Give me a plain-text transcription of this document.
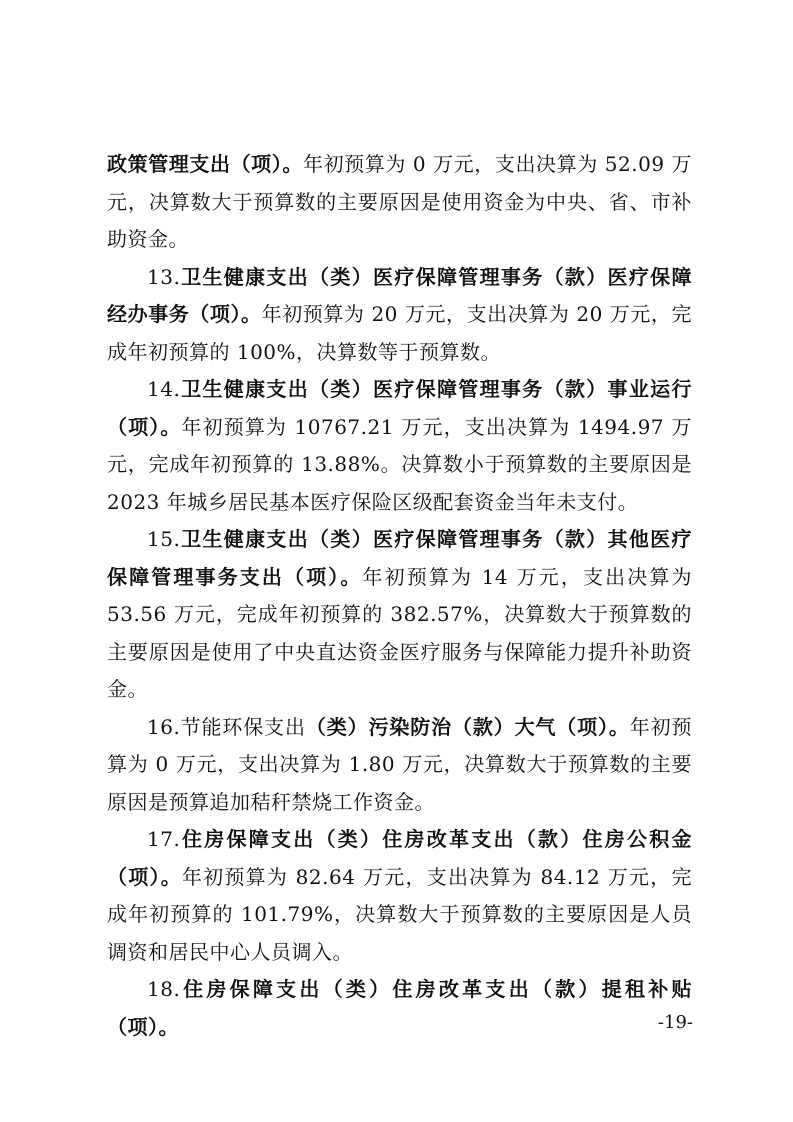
政策管理支出（项）。年初预算为 0 万元，支出决算为 52.09 万元，决算数大于预算数的主要原因是使用资金为中央、省、市补助资金。

13.卫生健康支出（类）医疗保障管理事务（款）医疗保障经办事务（项）。年初预算为 20 万元，支出决算为 20 万元，完成年初预算的 100%，决算数等于预算数。

14.卫生健康支出（类）医疗保障管理事务（款）事业运行（项）。年初预算为 10767.21 万元，支出决算为 1494.97 万元，完成年初预算的 13.88%。决算数小于预算数的主要原因是 2023 年城乡居民基本医疗保险区级配套资金当年未支付。

15.卫生健康支出（类）医疗保障管理事务（款）其他医疗保障管理事务支出（项）。年初预算为 14 万元，支出决算为 53.56 万元，完成年初预算的 382.57%，决算数大于预算数的主要原因是使用了中央直达资金医疗服务与保障能力提升补助资金。

16.节能环保支出（类）污染防治（款）大气（项）。年初预算为 0 万元，支出决算为 1.80 万元，决算数大于预算数的主要原因是预算追加秸秆禁烧工作资金。

17.住房保障支出（类）住房改革支出（款）住房公积金（项）。年初预算为 82.64 万元，支出决算为 84.12 万元，完成年初预算的 101.79%，决算数大于预算数的主要原因是人员调资和居民中心人员调入。

18.住房保障支出（类）住房改革支出（款）提租补贴（项）。	-19-
